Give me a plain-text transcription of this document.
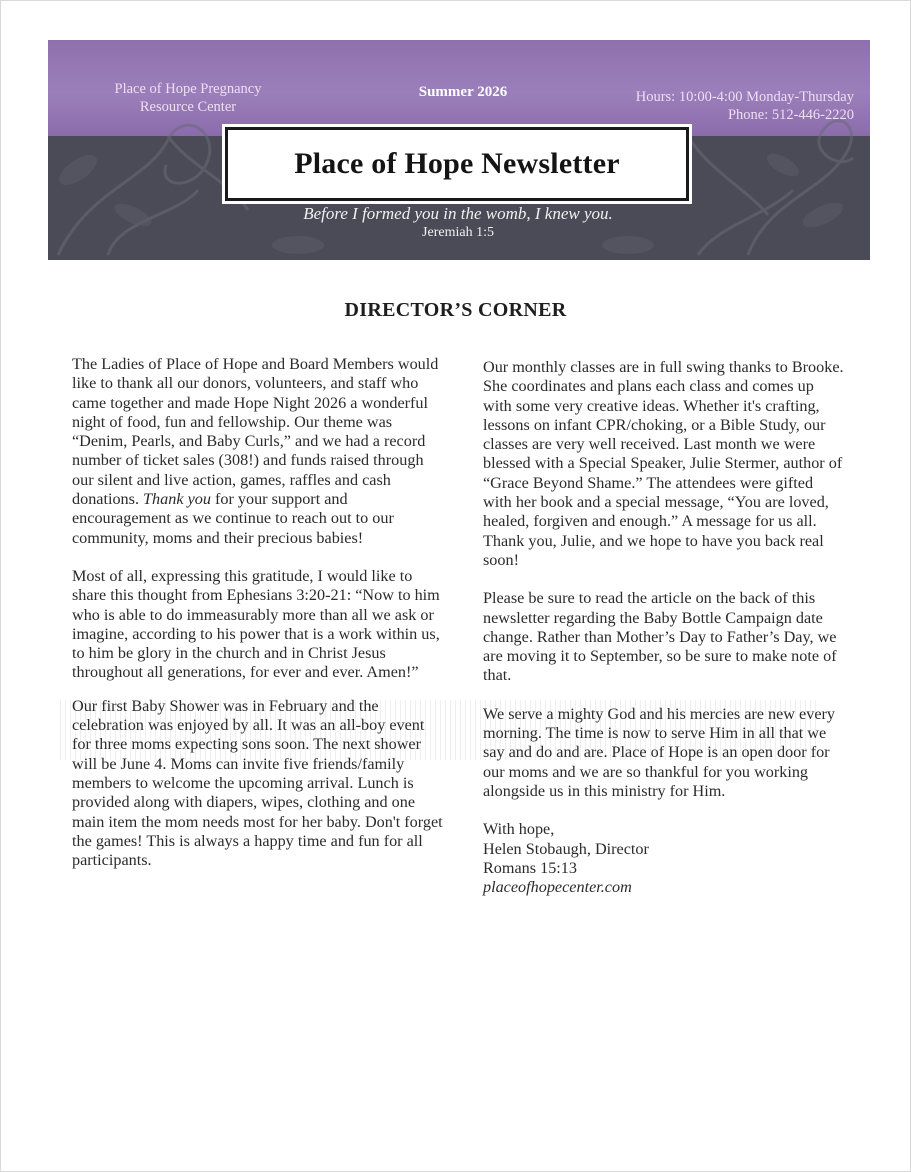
Place of Hope Pregnancy
Resource Center
Summer 2026	Hours: 10:00-4:00 Monday-Thursday
Phone: 512-446-2220
Place of Hope Newsletter
Before I formed you in the womb, I knew you.
Jeremiah 1:5
DIRECTOR’S CORNER

The Ladies of Place of Hope and Board Members would like to thank all our donors, volunteers, and staff who came together and made Hope Night 2026 a wonderful night of food, fun and fellowship. Our theme was “Denim, Pearls, and Baby Curls,” and we had a record number of ticket sales (308!) and funds raised through our silent and live action, games, raffles and cash donations. Thank you for your support and encouragement as we continue to reach out to our community, moms and their precious babies!

Most of all, expressing this gratitude, I would like to share this thought from Ephesians 3:20-21: “Now to him who is able to do immeasurably more than all we ask or imagine, according to his power that is a work within us, to him be glory in the church and in Christ Jesus throughout all generations, for ever and ever. Amen!”

Our first Baby Shower was in February and the celebration was enjoyed by all. It was an all-boy event for three moms expecting sons soon. The next shower will be June 4. Moms can invite five friends/family members to welcome the upcoming arrival. Lunch is provided along with diapers, wipes, clothing and one main item the mom needs most for her baby. Don't forget the games! This is always a happy time and fun for all participants.

Our monthly classes are in full swing thanks to Brooke. She coordinates and plans each class and comes up with some very creative ideas. Whether it's crafting, lessons on infant CPR/choking, or a Bible Study, our classes are very well received. Last month we were blessed with a Special Speaker, Julie Stermer, author of “Grace Beyond Shame.” The attendees were gifted with her book and a special message, “You are loved, healed, forgiven and enough.” A message for us all. Thank you, Julie, and we hope to have you back real soon!

Please be sure to read the article on the back of this newsletter regarding the Baby Bottle Campaign date change. Rather than Mother’s Day to Father’s Day, we are moving it to September, so be sure to make note of that.

We serve a mighty God and his mercies are new every morning. The time is now to serve Him in all that we say and do and are. Place of Hope is an open door for our moms and we are so thankful for you working alongside us in this ministry for Him.

With hope,
Helen Stobaugh, Director
Romans 15:13
placeofhopecenter.com
